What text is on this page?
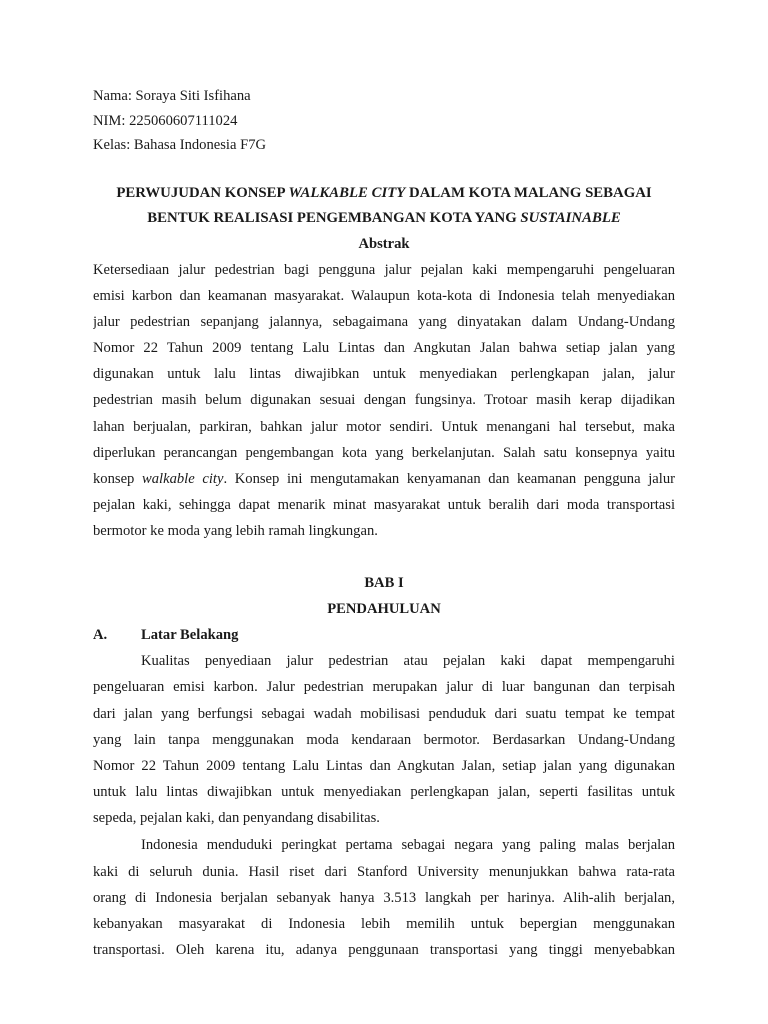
Nama: Soraya Siti Isfihana
NIM: 225060607111024
Kelas: Bahasa Indonesia F7G
PERWUJUDAN KONSEP WALKABLE CITY DALAM KOTA MALANG SEBAGAI
BENTUK REALISASI PENGEMBANGAN KOTA YANG SUSTAINABLE
Abstrak
Ketersediaan jalur pedestrian bagi pengguna jalur pejalan kaki mempengaruhi pengeluaran
emisi karbon dan keamanan masyarakat. Walaupun kota-kota di Indonesia telah menyediakan
jalur pedestrian sepanjang jalannya, sebagaimana yang dinyatakan dalam Undang-Undang
Nomor 22 Tahun 2009 tentang Lalu Lintas dan Angkutan Jalan bahwa setiap jalan yang
digunakan untuk lalu lintas diwajibkan untuk menyediakan perlengkapan jalan, jalur
pedestrian masih belum digunakan sesuai dengan fungsinya. Trotoar masih kerap dijadikan
lahan berjualan, parkiran, bahkan jalur motor sendiri. Untuk menangani hal tersebut, maka
diperlukan perancangan pengembangan kota yang berkelanjutan. Salah satu konsepnya yaitu
konsep walkable city. Konsep ini mengutamakan kenyamanan dan keamanan pengguna jalur
pejalan kaki, sehingga dapat menarik minat masyarakat untuk beralih dari moda transportasi
bermotor ke moda yang lebih ramah lingkungan.
BAB I
PENDAHULUAN
A.	Latar Belakang
Kualitas penyediaan jalur pedestrian atau pejalan kaki dapat mempengaruhi
pengeluaran emisi karbon. Jalur pedestrian merupakan jalur di luar bangunan dan terpisah
dari jalan yang berfungsi sebagai wadah mobilisasi penduduk dari suatu tempat ke tempat
yang lain tanpa menggunakan moda kendaraan bermotor. Berdasarkan Undang-Undang
Nomor 22 Tahun 2009 tentang Lalu Lintas dan Angkutan Jalan, setiap jalan yang digunakan
untuk lalu lintas diwajibkan untuk menyediakan perlengkapan jalan, seperti fasilitas untuk
sepeda, pejalan kaki, dan penyandang disabilitas.
Indonesia menduduki peringkat pertama sebagai negara yang paling malas berjalan
kaki di seluruh dunia. Hasil riset dari Stanford University menunjukkan bahwa rata-rata
orang di Indonesia berjalan sebanyak hanya 3.513 langkah per harinya. Alih-alih berjalan,
kebanyakan masyarakat di Indonesia lebih memilih untuk bepergian menggunakan
transportasi. Oleh karena itu, adanya penggunaan transportasi yang tinggi menyebabkan
